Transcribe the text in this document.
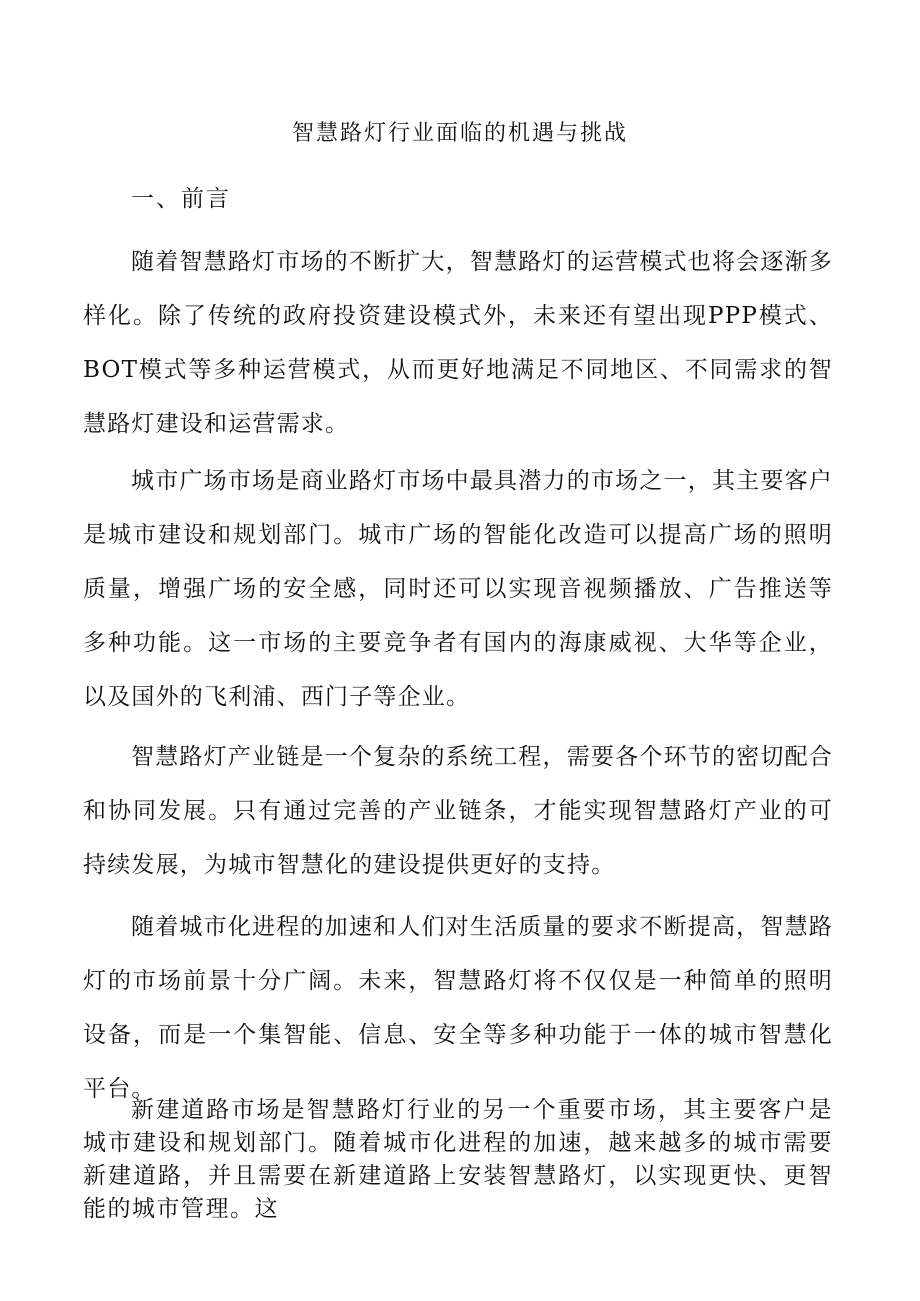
智慧路灯行业面临的机遇与挑战
一、前言

随着智慧路灯市场的不断扩大，智慧路灯的运营模式也将会逐渐多样化。除了传统的政府投资建设模式外，未来还有望出现PPP模式、BOT模式等多种运营模式，从而更好地满足不同地区、不同需求的智慧路灯建设和运营需求。

城市广场市场是商业路灯市场中最具潜力的市场之一，其主要客户是城市建设和规划部门。城市广场的智能化改造可以提高广场的照明质量，增强广场的安全感，同时还可以实现音视频播放、广告推送等多种功能。这一市场的主要竞争者有国内的海康威视、大华等企业，以及国外的飞利浦、西门子等企业。

智慧路灯产业链是一个复杂的系统工程，需要各个环节的密切配合和协同发展。只有通过完善的产业链条，才能实现智慧路灯产业的可持续发展，为城市智慧化的建设提供更好的支持。

随着城市化进程的加速和人们对生活质量的要求不断提高，智慧路灯的市场前景十分广阔。未来，智慧路灯将不仅仅是一种简单的照明设备，而是一个集智能、信息、安全等多种功能于一体的城市智慧化平台。

新建道路市场是智慧路灯行业的另一个重要市场，其主要客户是城市建设和规划部门。随着城市化进程的加速，越来越多的城市需要新建道路，并且需要在新建道路上安装智慧路灯，以实现更快、更智能的城市管理。这
